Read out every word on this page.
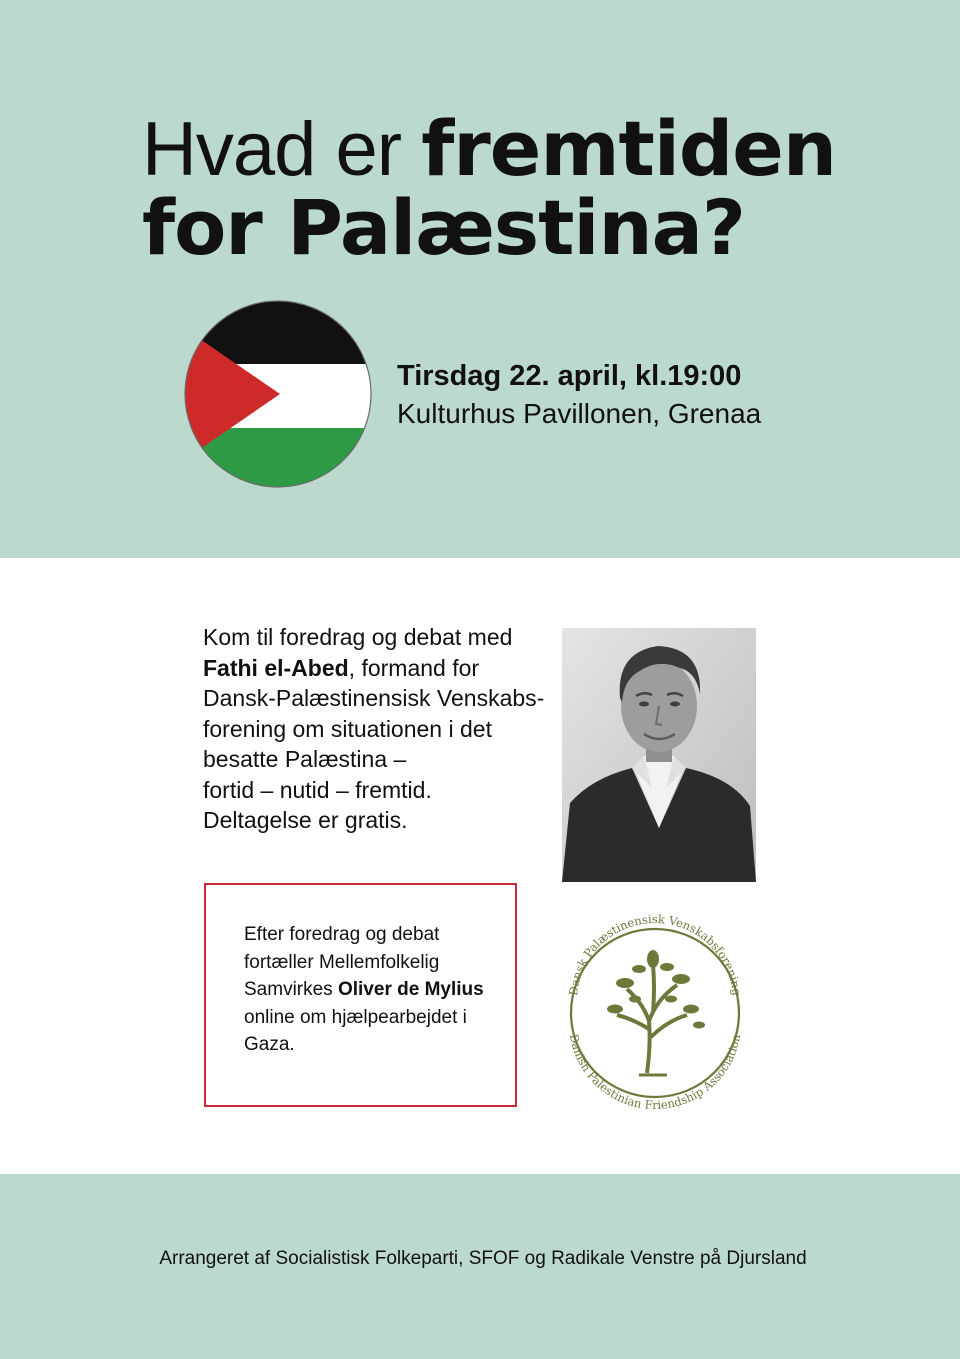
Hvad er fremtiden
for Palæstina?
Tirsdag 22. april, kl.19:00
Kulturhus Pavillonen, Grenaa
Kom til foredrag og debat med
Fathi el-Abed, formand for
Dansk-Palæstinensisk Venskabs-
forening om situationen i det
besatte Palæstina –
fortid – nutid – fremtid.
Deltagelse er gratis.
Efter foredrag og debat
fortæller Mellemfolkelig
Samvirkes Oliver de Mylius
online om hjælpearbejdet i
Gaza.
Dansk Palæstinensisk Venskabsforening
Danish Palestinian Friendship Association
Arrangeret af Socialistisk Folkeparti, SFOF og Radikale Venstre på Djursland
